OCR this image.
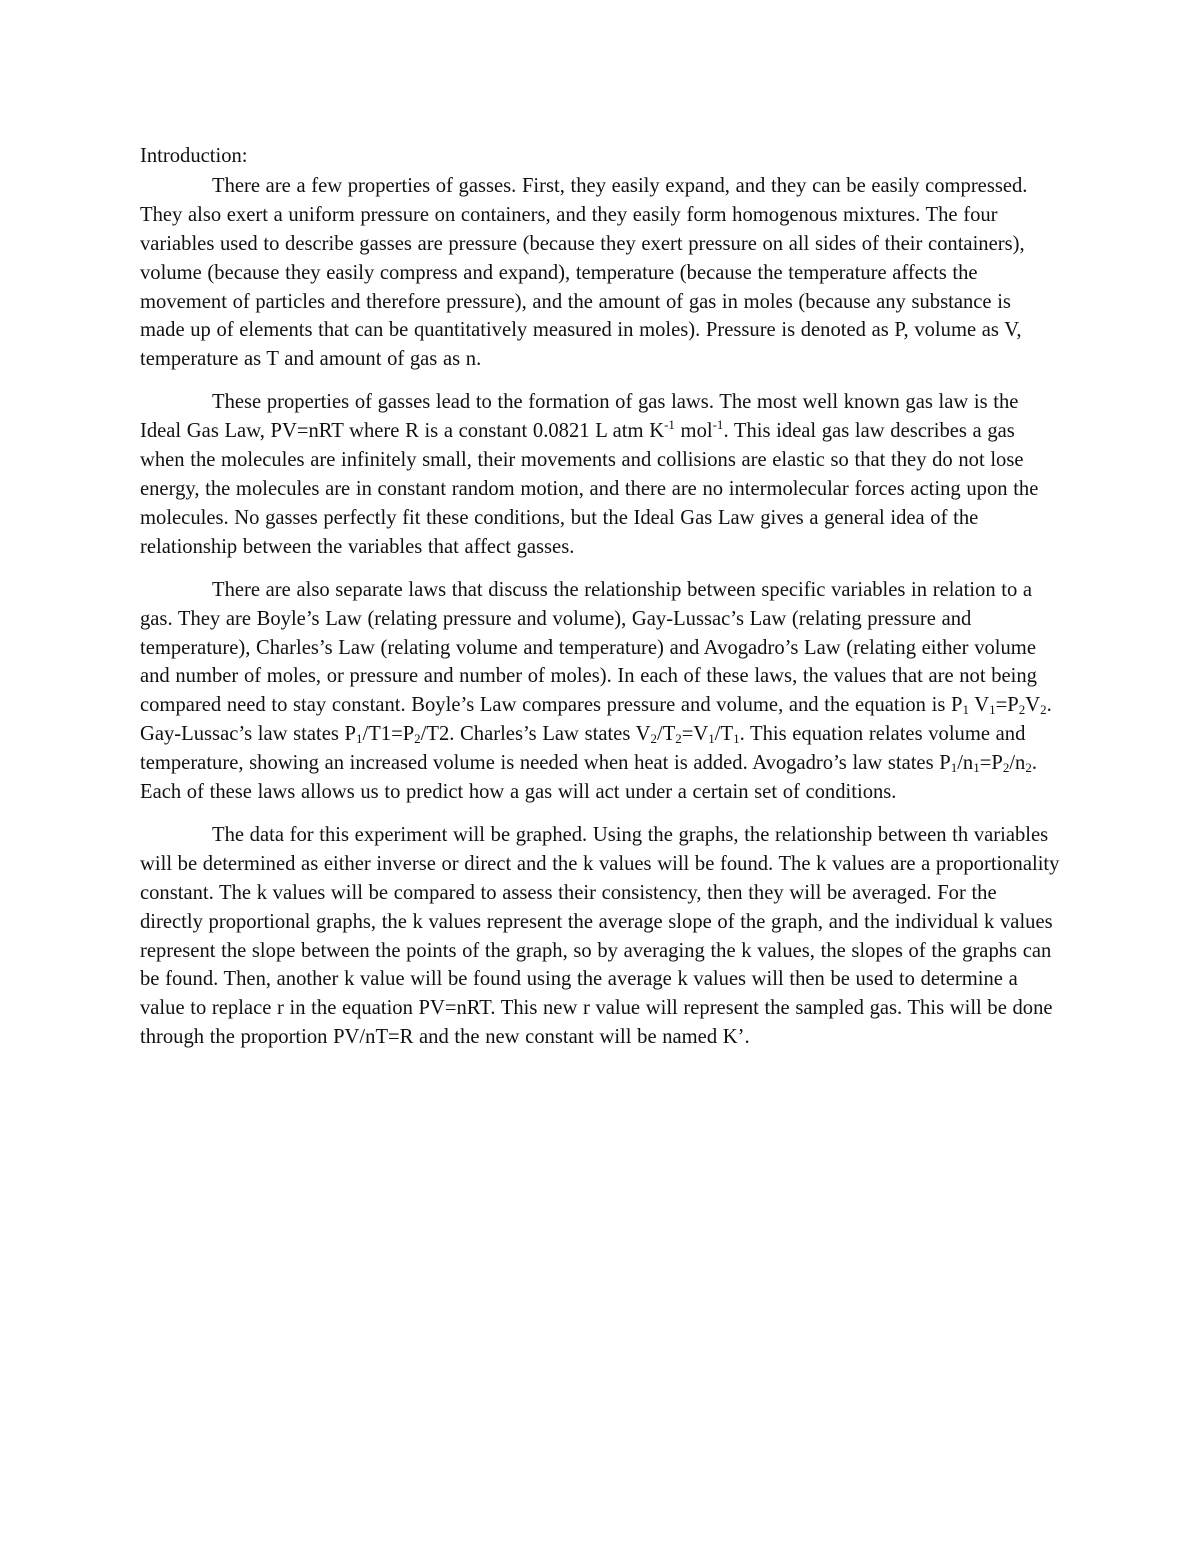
Introduction:

There are a few properties of gasses. First, they easily expand, and they can be easily compressed. They also exert a uniform pressure on containers, and they easily form homogenous mixtures. The four variables used to describe gasses are pressure (because they exert pressure on all sides of their containers), volume (because they easily compress and expand), temperature (because the temperature affects the movement of particles and therefore pressure), and the amount of gas in moles (because any substance is made up of elements that can be quantitatively measured in moles). Pressure is denoted as P, volume as V, temperature as T and amount of gas as n.

These properties of gasses lead to the formation of gas laws. The most well known gas law is the Ideal Gas Law, PV=nRT where R is a constant 0.0821 L atm $K^{-1}$ mol$^{-1}$. This ideal gas law describes a gas when the molecules are infinitely small, their movements and collisions are elastic so that they do not lose energy, the molecules are in constant random motion, and there are no intermolecular forces acting upon the molecules. No gasses perfectly fit these conditions, but the Ideal Gas Law gives a general idea of the relationship between the variables that affect gasses.

There are also separate laws that discuss the relationship between specific variables in relation to a gas. They are Boyle’s Law (relating pressure and volume), Gay-Lussac’s Law (relating pressure and temperature), Charles’s Law (relating volume and temperature) and Avogadro’s Law (relating either volume and number of moles, or pressure and number of moles). In each of these laws, the values that are not being compared need to stay constant. Boyle’s Law compares pressure and volume, and the equation is $P_1$ $V_1=P_2V_2$. Gay-Lussac’s law states $P_1/T1=P_2/T2$. Charles’s Law states $V_2/T_2=V_1/T_1$. This equation relates volume and temperature, showing an increased volume is needed when heat is added. Avogadro’s law states $P_1/n_1=P_2/n_2$. Each of these laws allows us to predict how a gas will act under a certain set of conditions.

The data for this experiment will be graphed. Using the graphs, the relationship between th variables will be determined as either inverse or direct and the k values will be found. The k values are a proportionality constant. The k values will be compared to assess their consistency, then they will be averaged. For the directly proportional graphs, the k values represent the average slope of the graph, and the individual k values represent the slope between the points of the graph, so by averaging the k values, the slopes of the graphs can be found. Then, another k value will be found using the average k values will then be used to determine a value to replace r in the equation PV=nRT. This new r value will represent the sampled gas. This will be done through the proportion PV/nT=R and the new constant will be named K’.
